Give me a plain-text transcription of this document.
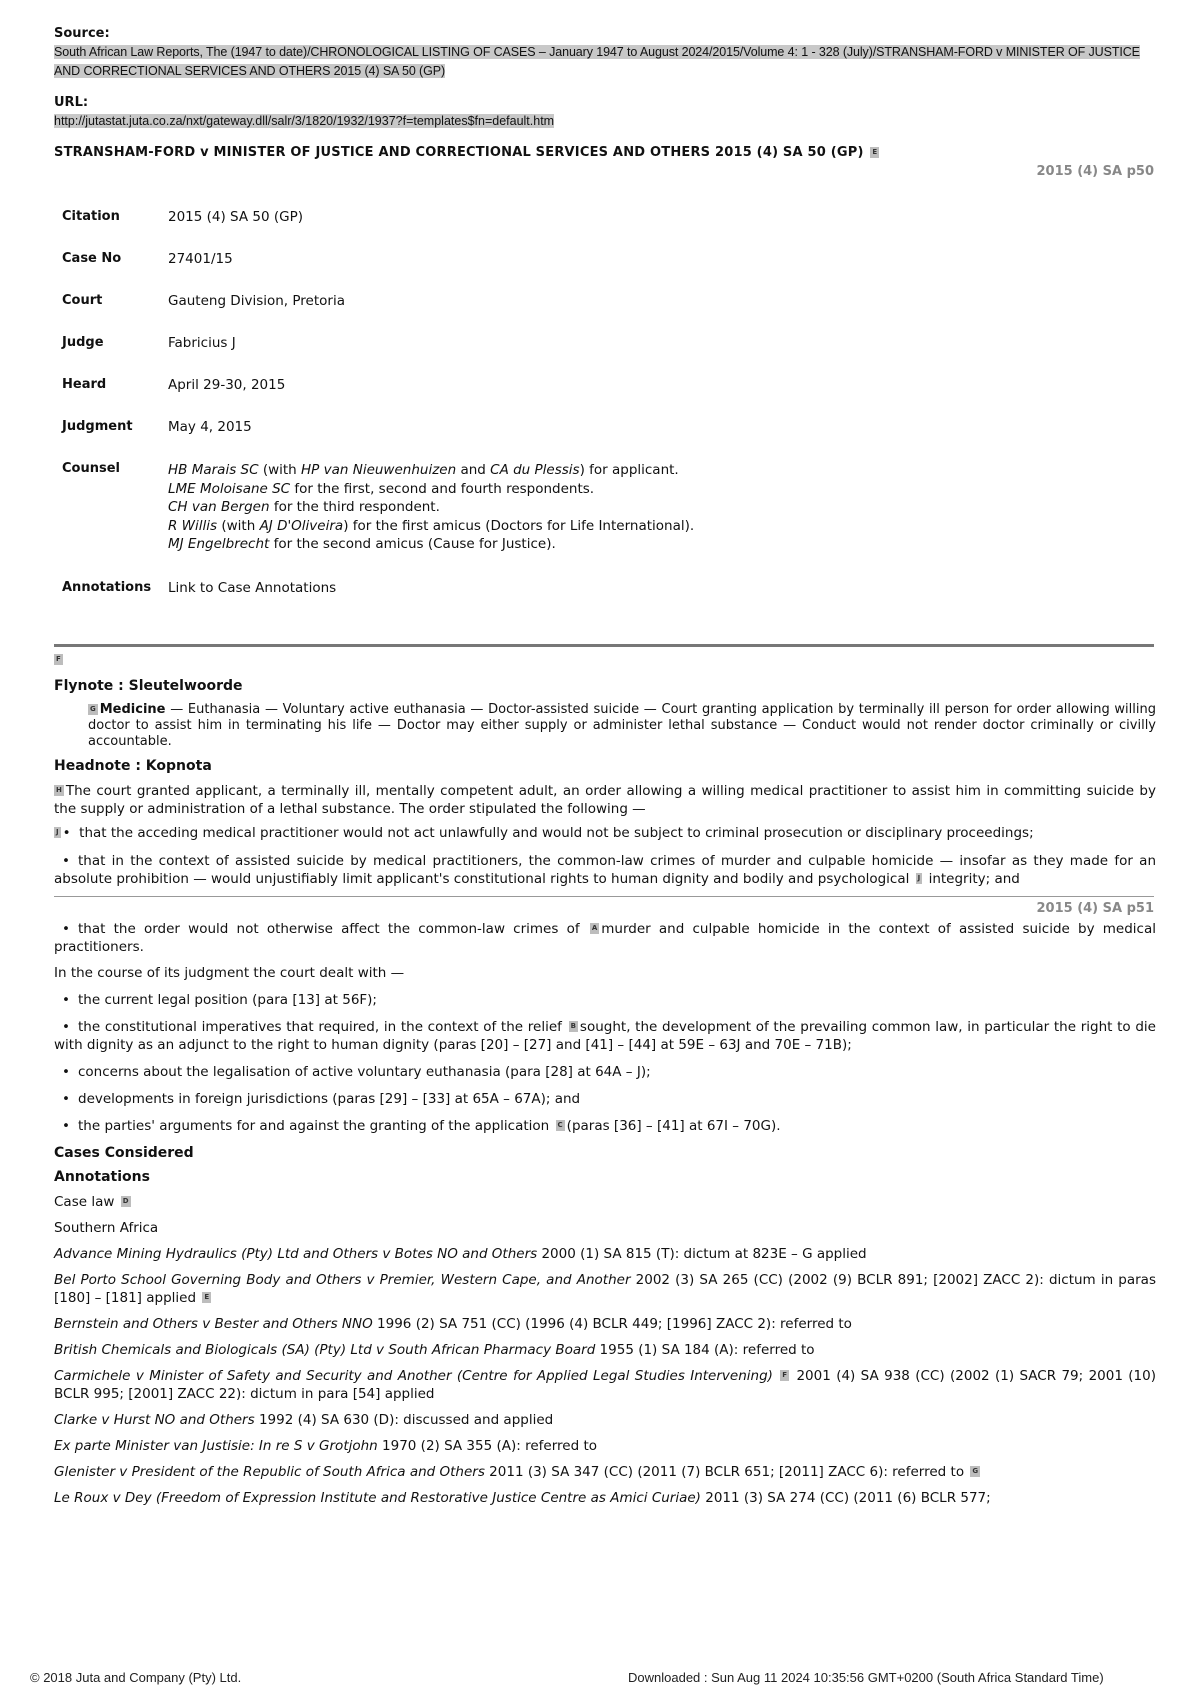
Source:
South African Law Reports, The (1947 to date)/CHRONOLOGICAL LISTING OF CASES – January 1947 to August 2024/2015/Volume 4: 1 - 328 (July)/STRANSHAM-FORD v MINISTER OF JUSTICE AND CORRECTIONAL SERVICES AND OTHERS 2015 (4) SA 50 (GP)
URL:
http://jutastat.juta.co.za/nxt/gateway.dll/salr/3/1820/1932/1937?f=templates$fn=default.htm
STRANSHAM-FORD v MINISTER OF JUSTICE AND CORRECTIONAL SERVICES AND OTHERS 2015 (4) SA 50 (GP) E
2015 (4) SA p50
Citation	2015 (4) SA 50 (GP)
Case No	27401/15
Court	Gauteng Division, Pretoria
Judge	Fabricius J
Heard	April 29-30, 2015
Judgment	May 4, 2015
Counsel	HB Marais SC (with HP van Nieuwenhuizen and CA du Plessis) for applicant.
LME Moloisane SC for the first, second and fourth respondents.
CH van Bergen for the third respondent.
R Willis (with AJ D'Oliveira) for the first amicus (Doctors for Life International).
MJ Engelbrecht for the second amicus (Cause for Justice).

Annotations	Link to Case Annotations
F
Flynote : Sleutelwoorde
G Medicine — Euthanasia — Voluntary active euthanasia — Doctor-assisted suicide — Court granting application by terminally ill person for order allowing willing doctor to assist him in terminating his life — Doctor may either supply or administer lethal substance — Conduct would not render doctor criminally or civilly accountable.
Headnote : Kopnota

H The court granted applicant, a terminally ill, mentally competent adult, an order allowing a willing medical practitioner to assist him in committing suicide by the supply or administration of a lethal substance. The order stipulated the following —

J • that the acceding medical practitioner would not act unlawfully and would not be subject to criminal prosecution or disciplinary proceedings;

• that in the context of assisted suicide by medical practitioners, the common-law crimes of murder and culpable homicide — insofar as they made for an absolute prohibition — would unjustifiably limit applicant's constitutional rights to human dignity and bodily and psychological J integrity; and

2015 (4) SA p51

• that the order would not otherwise affect the common-law crimes of A murder and culpable homicide in the context of assisted suicide by medical practitioners.

In the course of its judgment the court dealt with —

• the current legal position (para [13] at 56F);

• the constitutional imperatives that required, in the context of the relief B sought, the development of the prevailing common law, in particular the right to die with dignity as an adjunct to the right to human dignity (paras [20] – [27] and [41] – [44] at 59E – 63J and 70E – 71B);

• concerns about the legalisation of active voluntary euthanasia (para [28] at 64A – J);

• developments in foreign jurisdictions (paras [29] – [33] at 65A – 67A); and

• the parties' arguments for and against the granting of the application C (paras [36] – [41] at 67I – 70G).

Cases Considered
Annotations

Case law D

Southern Africa

Advance Mining Hydraulics (Pty) Ltd and Others v Botes NO and Others 2000 (1) SA 815 (T): dictum at 823E – G applied

Bel Porto School Governing Body and Others v Premier, Western Cape, and Another 2002 (3) SA 265 (CC) (2002 (9) BCLR 891; [2002] ZACC 2): dictum in paras [180] – [181] applied E

Bernstein and Others v Bester and Others NNO 1996 (2) SA 751 (CC) (1996 (4) BCLR 449; [1996] ZACC 2): referred to

British Chemicals and Biologicals (SA) (Pty) Ltd v South African Pharmacy Board 1955 (1) SA 184 (A): referred to

Carmichele v Minister of Safety and Security and Another (Centre for Applied Legal Studies Intervening) F 2001 (4) SA 938 (CC) (2002 (1) SACR 79; 2001 (10) BCLR 995; [2001] ZACC 22): dictum in para [54] applied

Clarke v Hurst NO and Others 1992 (4) SA 630 (D): discussed and applied

Ex parte Minister van Justisie: In re S v Grotjohn 1970 (2) SA 355 (A): referred to

Glenister v President of the Republic of South Africa and Others 2011 (3) SA 347 (CC) (2011 (7) BCLR 651; [2011] ZACC 6): referred to G

Le Roux v Dey (Freedom of Expression Institute and Restorative Justice Centre as Amici Curiae) 2011 (3) SA 274 (CC) (2011 (6) BCLR 577;

© 2018 Juta and Company (Pty) Ltd.	Downloaded : Sun Aug 11 2024 10:35:56 GMT+0200 (South Africa Standard Time)
